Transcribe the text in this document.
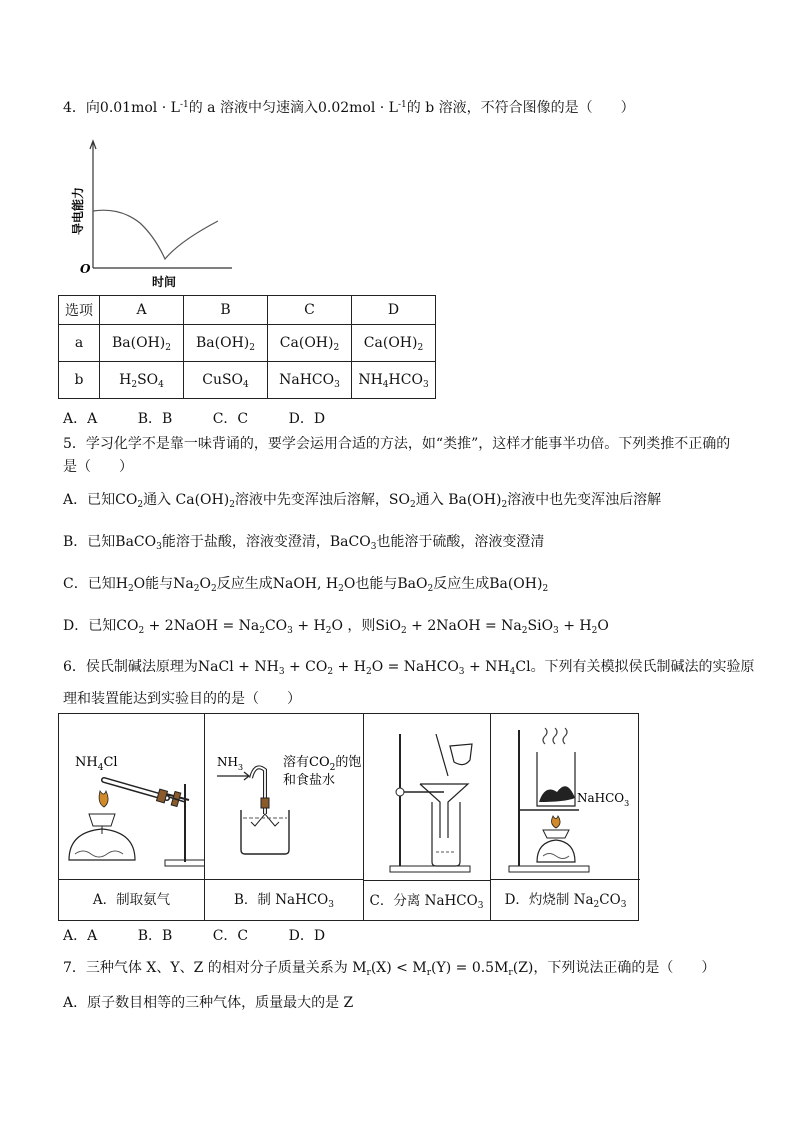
4．向$0.01mol \cdot L^{-1}$的 a 溶液中匀速滴入$0.02mol \cdot L^{-1}$的 b 溶液，不符合图像的是（　　）
导电能力
O
时间
选项	A	B	C	D
a	$Ba(OH)_2$	$Ba(OH)_2$	$Ca(OH)_2$	$Ca(OH)_2$
b	$H_2SO_4$	CuSO$_4$	NaHCO$_3$	$NH_4HCO_3$
A．A	B．B	C．C	D．D
5．学习化学不是靠一味背诵的，要学会运用合适的方法，如“类推”，这样才能事半功倍。下列类推不正确的
是（　　）
A．已知$CO_2$通入 $Ca(OH)_2$溶液中先变浑浊后溶解，$SO_2$通入 $Ba(OH)_2$溶液中也先变浑浊后溶解
B．已知BaCO$_3$能溶于盐酸，溶液变澄清，BaCO$_3$也能溶于硫酸，溶液变澄清
C．已知$H_2O$能与$Na_2O_2$反应生成NaOH, $H_2O$也能与BaO$_2$反应生成$Ba(OH)_2$
D．已知$CO_2$ + 2NaOH = $Na_2CO_3 + H_2O$ ，则SiO$_2$ + 2NaOH = $Na_2SiO_3 + H_2O$
6．侯氏制碱法原理为NaCl + $NH_3 + CO_2 + H_2O$ = NaHCO$_3$ + $NH_4Cl$。下列有关模拟侯氏制碱法的实验原
理和装置能达到实验目的的是（　　）
$NH_4Cl$
A．制取氨气
$NH_3$	溶有$CO_2$的饱
和食盐水
B．制 NaHCO$_3$
NaHCO$_3$
D．灼烧制 $Na_2CO_3$
C．分离 NaHCO$_3$
A．A	B．B	C．C	D．D
7．三种气体 X、Y、Z 的相对分子质量关系为 $M_r(X) < M_r(Y) = 0.5M_r(Z)$，下列说法正确的是（　　）
A．原子数目相等的三种气体，质量最大的是 Z
